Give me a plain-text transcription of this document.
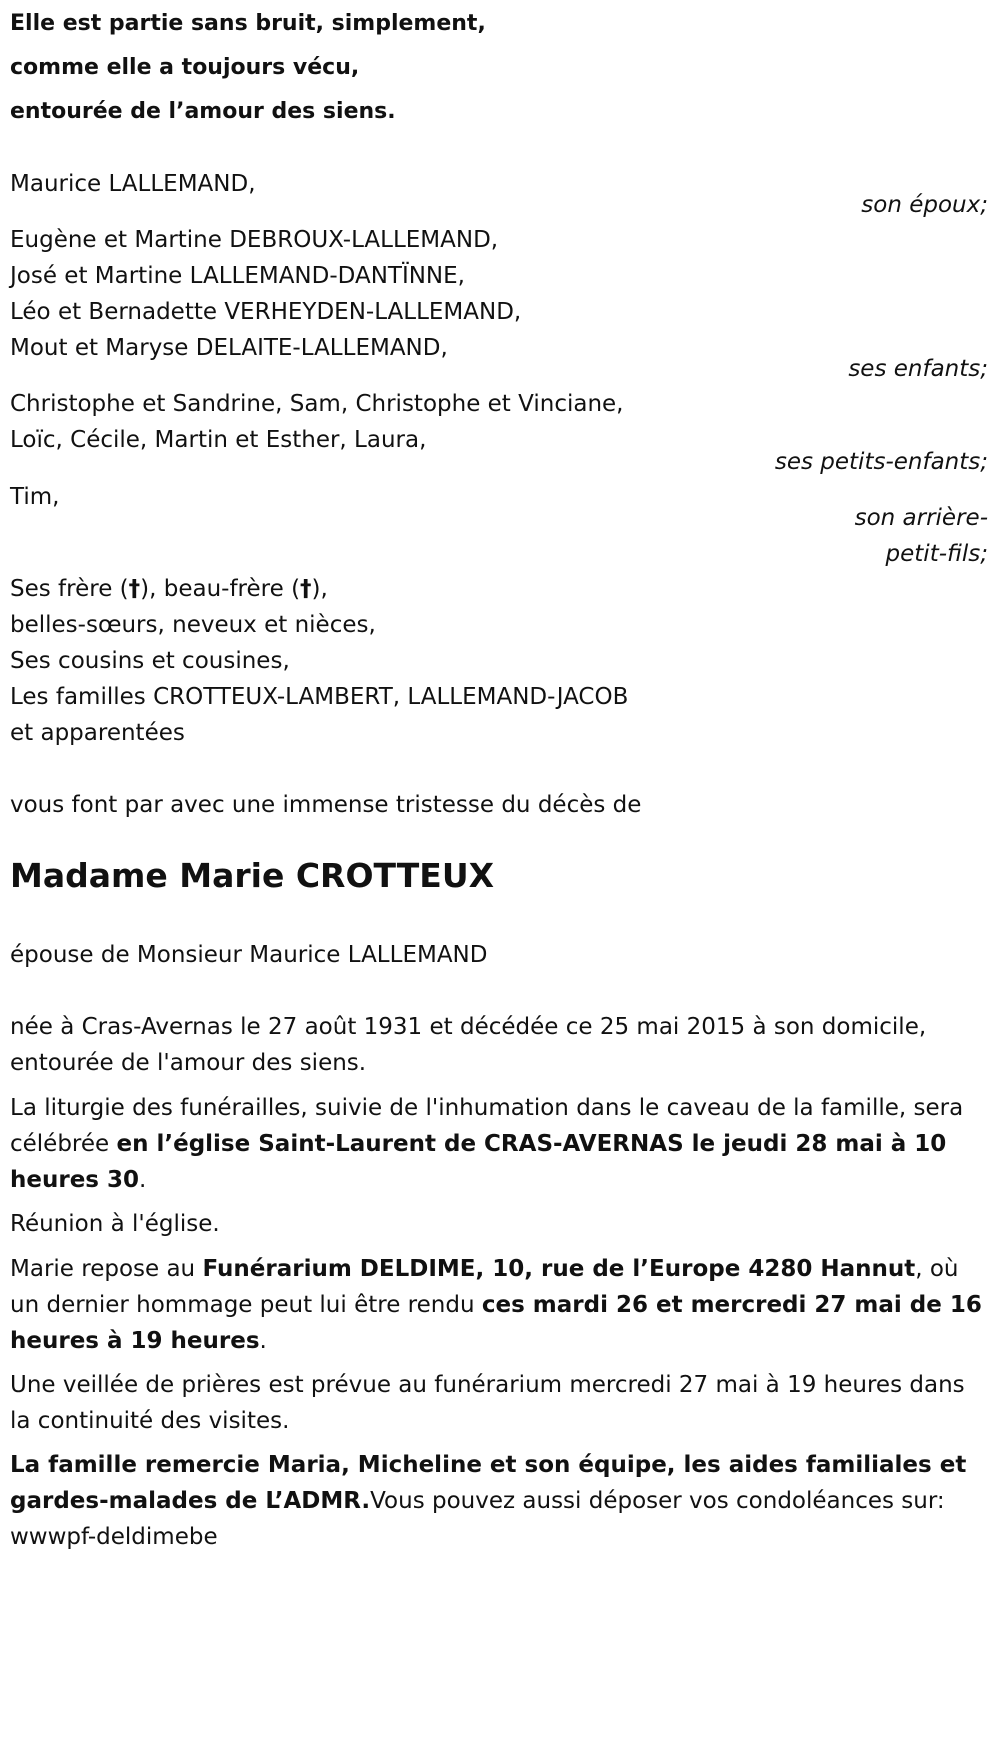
Elle est partie sans bruit, simplement,

comme elle a toujours vécu,

entourée de l’amour des siens.

Maurice LALLEMAND,

son époux;

Eugène et Martine DEBROUX-LALLEMAND,

José et Martine LALLEMAND-DANTÏNNE,

Léo et Bernadette VERHEYDEN-LALLEMAND,

Mout et Maryse DELAITE-LALLEMAND,

ses enfants;

Christophe et Sandrine, Sam, Christophe et Vinciane,

Loïc, Cécile, Martin et Esther, Laura,

ses petits-enfants;

Tim,

son arrière-

petit-fils;

Ses frère (†), beau-frère (†),

belles-sœurs, neveux et nièces,

Ses cousins et cousines,

Les familles CROTTEUX-LAMBERT, LALLEMAND-JACOB

et apparentées

vous font par avec une immense tristesse du décès de

Madame Marie CROTTEUX

épouse de Monsieur Maurice LALLEMAND

née à Cras-Avernas le 27 août 1931 et décédée ce 25 mai 2015 à son domicile, entourée de l'amour des siens.

La liturgie des funérailles, suivie de l'inhumation dans le caveau de la famille, sera célébrée en l’église Saint-Laurent de CRAS-AVERNAS le jeudi 28 mai à 10 heures 30.

Réunion à l'église.

Marie repose au Funérarium DELDIME, 10, rue de l’Europe 4280 Hannut, où un dernier hommage peut lui être rendu ces mardi 26 et mercredi 27 mai de 16 heures à 19 heures.

Une veillée de prières est prévue au funérarium mercredi 27 mai à 19 heures dans la continuité des visites.

La famille remercie Maria, Micheline et son équipe, les aides familiales et gardes-malades de L’ADMR.Vous pouvez aussi déposer vos condoléances sur: wwwpf-deldimebe
